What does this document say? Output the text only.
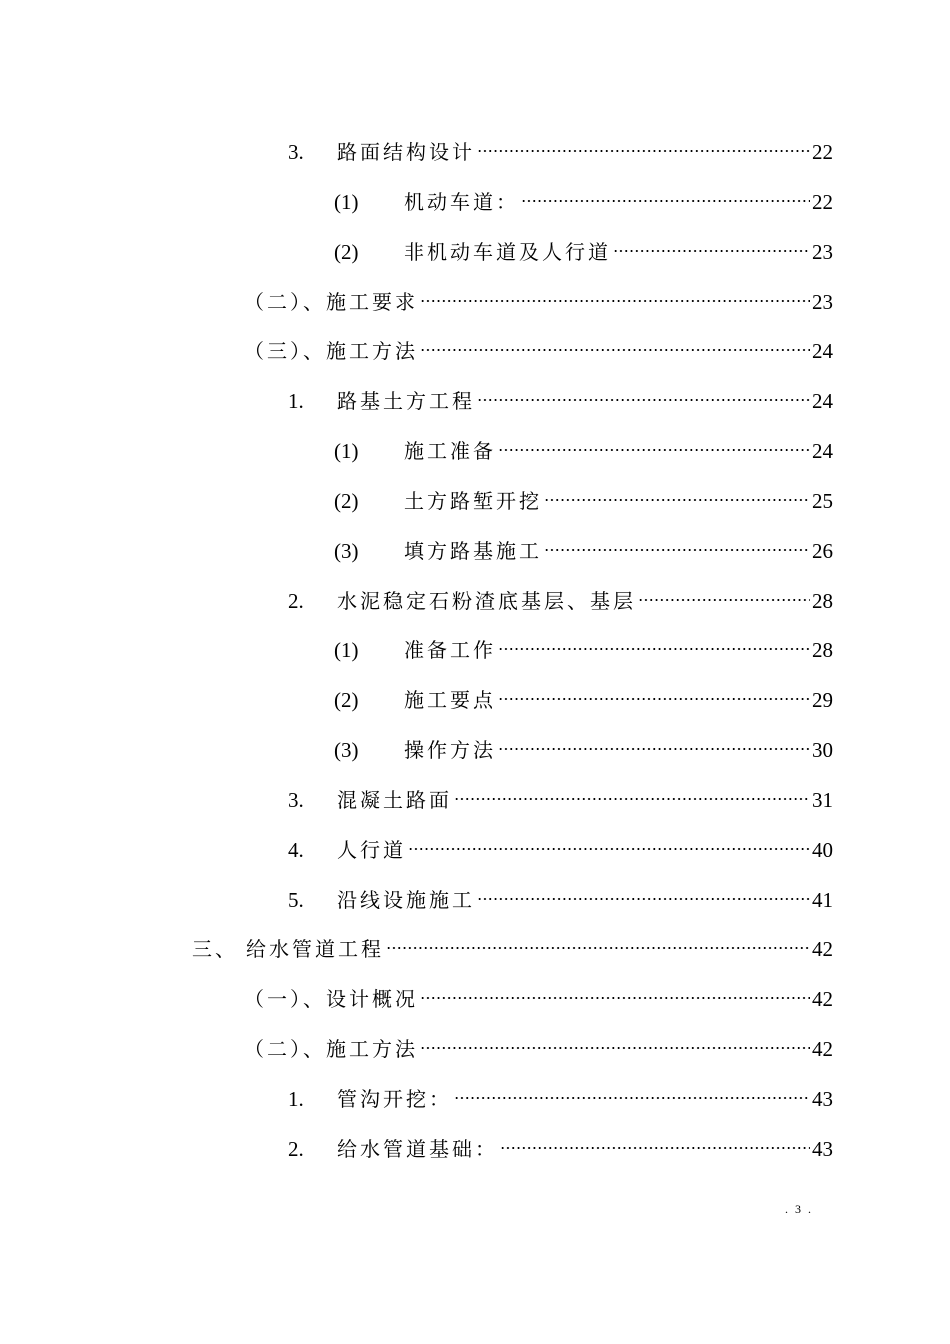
3.	路面结构设计	22
(1)	机动车道：	22
(2)	非机动车道及人行道	23
（二）、施工要求	23
（三）、施工方法	24
1.	路基土方工程	24
(1)	施工准备	24
(2)	土方路堑开挖	25
(3)	填方路基施工	26
2.	水泥稳定石粉渣底基层、基层	28
(1)	准备工作	28
(2)	施工要点	29
(3)	操作方法	30
3.	混凝土路面	31
4.	人行道	40
5.	沿线设施施工	41
三、 给水管道工程	42
（一）、设计概况	42
（二）、施工方法	42
1.	管沟开挖：	43
2.	给水管道基础：	43
. 3 .
